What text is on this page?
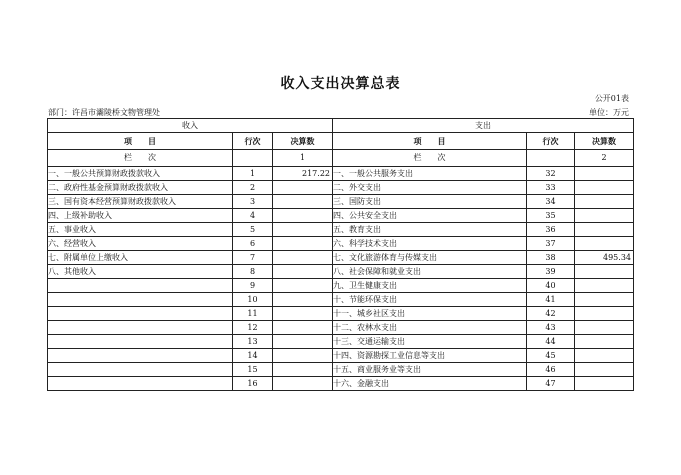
收入支出决算总表
公开01表
部门：许昌市灞陵桥文物管理处	单位：万元
收入			支出		
项　　目	行次	决算数	项　　目	行次	决算数
栏　　次		1	栏　　次		2
一、一般公共预算财政拨款收入	1	217.22	一、一般公共服务支出	32	
二、政府性基金预算财政拨款收入	2		二、外交支出	33	
三、国有资本经营预算财政拨款收入	3		三、国防支出	34	
四、上级补助收入	4		四、公共安全支出	35	
五、事业收入	5		五、教育支出	36	
六、经营收入	6		六、科学技术支出	37	
七、附属单位上缴收入	7		七、文化旅游体育与传媒支出	38	495.34
八、其他收入	8		八、社会保障和就业支出	39	
	9		九、卫生健康支出	40	
	10		十、节能环保支出	41	
	11		十一、城乡社区支出	42	
	12		十二、农林水支出	43	
	13		十三、交通运输支出	44	
	14		十四、资源勘探工业信息等支出	45	
	15		十五、商业服务业等支出	46	
	16		十六、金融支出	47	
